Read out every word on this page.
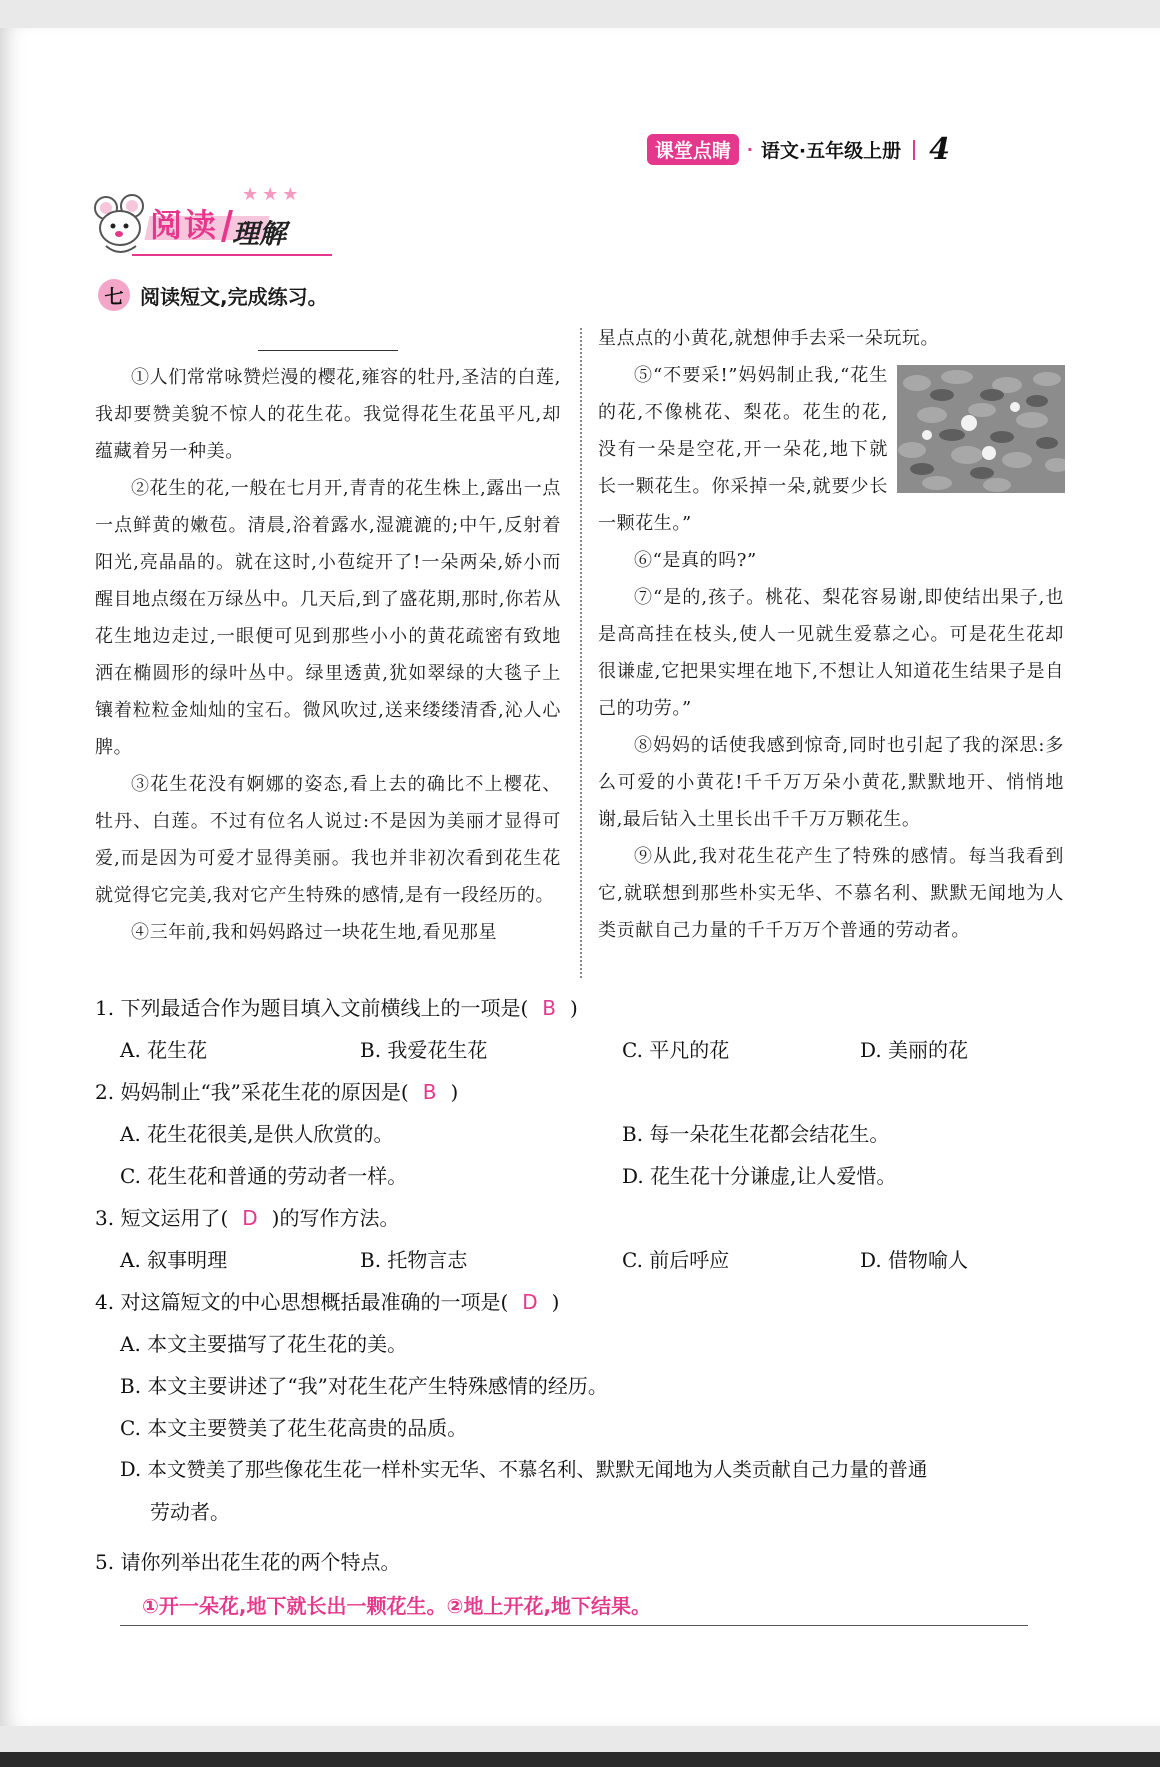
课堂点睛	· 语文·五年级上册 4
★★★
阅读 理解
七 阅读短文,完成练习。

①人们常常咏赞烂漫的樱花,雍容的牡丹,圣洁的白莲,我却要赞美貌不惊人的花生花。我觉得花生花虽平凡,却蕴藏着另一种美。

②花生的花,一般在七月开,青青的花生株上,露出一点一点鲜黄的嫩苞。清晨,浴着露水,湿漉漉的;中午,反射着阳光,亮晶晶的。就在这时,小苞绽开了!一朵两朵,娇小而醒目地点缀在万绿丛中。几天后,到了盛花期,那时,你若从花生地边走过,一眼便可见到那些小小的黄花疏密有致地洒在椭圆形的绿叶丛中。绿里透黄,犹如翠绿的大毯子上镶着粒粒金灿灿的宝石。微风吹过,送来缕缕清香,沁人心脾。

③花生花没有婀娜的姿态,看上去的确比不上樱花、牡丹、白莲。不过有位名人说过:不是因为美丽才显得可爱,而是因为可爱才显得美丽。我也并非初次看到花生花就觉得它完美,我对它产生特殊的感情,是有一段经历的。

④三年前,我和妈妈路过一块花生地,看见那星

星点点的小黄花,就想伸手去采一朵玩玩。

⑤“不要采!”妈妈制止我,“花生的花,不像桃花、梨花。花生的花,没有一朵是空花,开一朵花,地下就长一颗花生。你采掉一朵,就要少长一颗花生。”

⑥“是真的吗?”

⑦“是的,孩子。桃花、梨花容易谢,即使结出果子,也是高高挂在枝头,使人一见就生爱慕之心。可是花生花却很谦虚,它把果实埋在地下,不想让人知道花生结果子是自己的功劳。”

⑧妈妈的话使我感到惊奇,同时也引起了我的深思:多么可爱的小黄花!千千万万朵小黄花,默默地开、悄悄地谢,最后钻入土里长出千千万万颗花生。

⑨从此,我对花生花产生了特殊的感情。每当我看到它,就联想到那些朴实无华、不慕名利、默默无闻地为人类贡献自己力量的千千万万个普通的劳动者。

1. 下列最适合作为题目填入文前横线上的一项是( B )
A. 花生花	B. 我爱花生花	C. 平凡的花	D. 美丽的花
2. 妈妈制止“我”采花生花的原因是( B )
A. 花生花很美,是供人欣赏的。	B. 每一朵花生花都会结花生。
C. 花生花和普通的劳动者一样。	D. 花生花十分谦虚,让人爱惜。
3. 短文运用了( D )的写作方法。
A. 叙事明理	B. 托物言志	C. 前后呼应	D. 借物喻人
4. 对这篇短文的中心思想概括最准确的一项是( D )
A. 本文主要描写了花生花的美。
B. 本文主要讲述了“我”对花生花产生特殊感情的经历。
C. 本文主要赞美了花生花高贵的品质。
D. 本文赞美了那些像花生花一样朴实无华、不慕名利、默默无闻地为人类贡献自己力量的普通
劳动者。
5. 请你列举出花生花的两个特点。
①开一朵花,地下就长出一颗花生。②地上开花,地下结果。
